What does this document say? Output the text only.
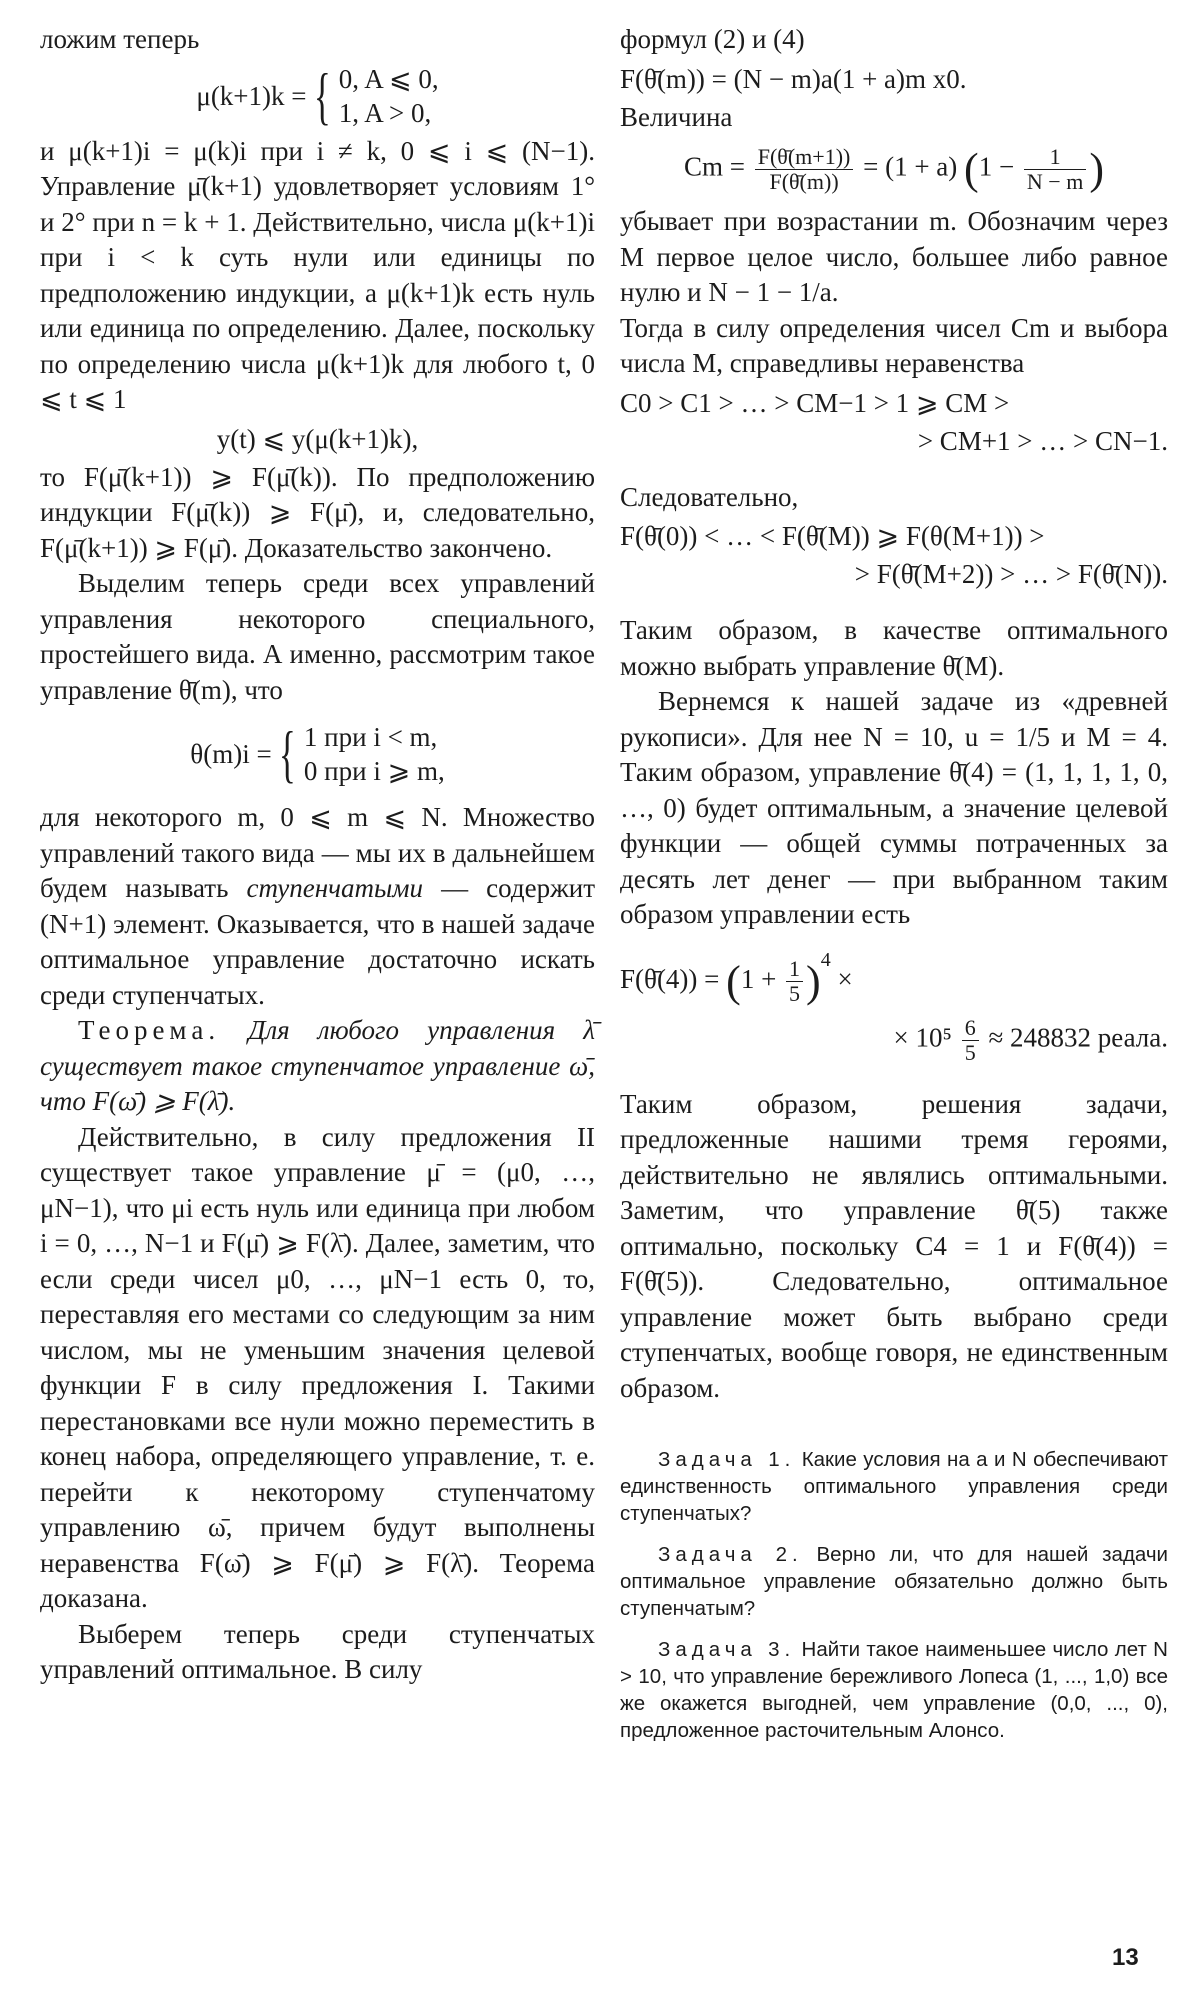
ложим теперь

μ(k+1)k = { 0, A ⩽ 0,
1, A > 0,

и μ(k+1)i = μ(k)i при i ≠ k, 0 ⩽ i ⩽ (N−1). Управление μ̄(k+1) удовлетворяет условиям 1° и 2° при n = k + 1. Действительно, числа μ(k+1)i при i < k суть нули или единицы по предположению индукции, а μ(k+1)k есть нуль или единица по определению. Далее, поскольку по определению числа μ(k+1)k для любого t, 0 ⩽ t ⩽ 1

y(t) ⩽ y(μ(k+1)k),

то F(μ̄(k+1)) ⩾ F(μ̄(k)). По предположению индукции F(μ̄(k)) ⩾ F(μ̄), и, следовательно, F(μ̄(k+1)) ⩾ F(μ̄). Доказательство закончено.

Выделим теперь среди всех управлений управления некоторого специального, простейшего вида. А именно, рассмотрим такое управление θ̄(m), что

θ(m)i = { 1 при i < m,
0 при i ⩾ m,

для некоторого m, 0 ⩽ m ⩽ N. Множество управлений такого вида — мы их в дальнейшем будем называть ступенчатыми — содержит (N+1) элемент. Оказывается, что в нашей задаче оптимальное управление достаточно искать среди ступенчатых.

Теорема. Для любого управления λ̄ существует такое ступенчатое управление ω̄, что F(ω̄) ⩾ F(λ̄).

Действительно, в силу предложения II существует такое управление μ̄ = (μ0, …, μN−1), что μi есть нуль или единица при любом i = 0, …, N−1 и F(μ̄) ⩾ F(λ̄). Далее, заметим, что если среди чисел μ0, …, μN−1 есть 0, то, переставляя его местами со следующим за ним числом, мы не уменьшим значения целевой функции F в силу предложения I. Такими перестановками все нули можно переместить в конец набора, определяющего управление, т. е. перейти к некоторому ступенчатому управлению ω̄, причем будут выполнены неравенства F(ω̄) ⩾ F(μ̄) ⩾ F(λ̄). Теорема доказана.

Выберем теперь среди ступенчатых управлений оптимальное. В силу

формул (2) и (4)

F(θ̄(m)) = (N − m)a(1 + a)m x0.

Величина

$Cm = \frac{F(\thetā(m+1))}{F(\thetā(m))} = (1 + a) (1 - \frac{1}{N - m}$ )

убывает при возрастании m. Обозначим через M первое целое число, большее либо равное нулю и N − 1 − 1/a.

Тогда в силу определения чисел Cm и выбора числа M, справедливы неравенства

C0 > C1 > … > CM−1 > 1 ⩾ CM >
> CM+1 > … > CN−1.

Следовательно,

F(θ̄(0)) < … < F(θ̄(M)) ⩾ F(θ(M+1)) >
> F(θ̄(M+2)) > … > F(θ̄(N)).

Таким образом, в качестве оптимального можно выбрать управление θ̄(M).

Вернемся к нашей задаче из «древней рукописи». Для нее N = 10, u = 1/5 и M = 4. Таким образом, управление θ̄(4) = (1, 1, 1, 1, 0, …, 0) будет оптимальным, а значение целевой функции — общей суммы потраченных за десять лет денег — при выбранном таким образом управлении есть

F(θ̄(4)) = $(1 + \frac{1}{5} )^4$ ×
× $10^5 \frac{6}{5} \approx 248832$ реала.

Таким образом, решения задачи, предложенные нашими тремя героями, действительно не являлись оптимальными. Заметим, что управление θ̄(5) также оптимально, поскольку C4 = 1 и F(θ̄(4)) = F(θ̄(5)). Следовательно, оптимальное управление может быть выбрано среди ступенчатых, вообще говоря, не единственным образом.

Задача 1. Какие условия на a и N обеспечивают единственность оптимального управления среди ступенчатых?

Задача 2. Верно ли, что для нашей задачи оптимальное управление обязательно должно быть ступенчатым?

Задача 3. Найти такое наименьшее число лет N > 10, что управление бережливого Лопеса (1, ..., 1,0) все же окажется выгодней, чем управление (0,0, ..., 0), предложенное расточительным Алонсо.

13
